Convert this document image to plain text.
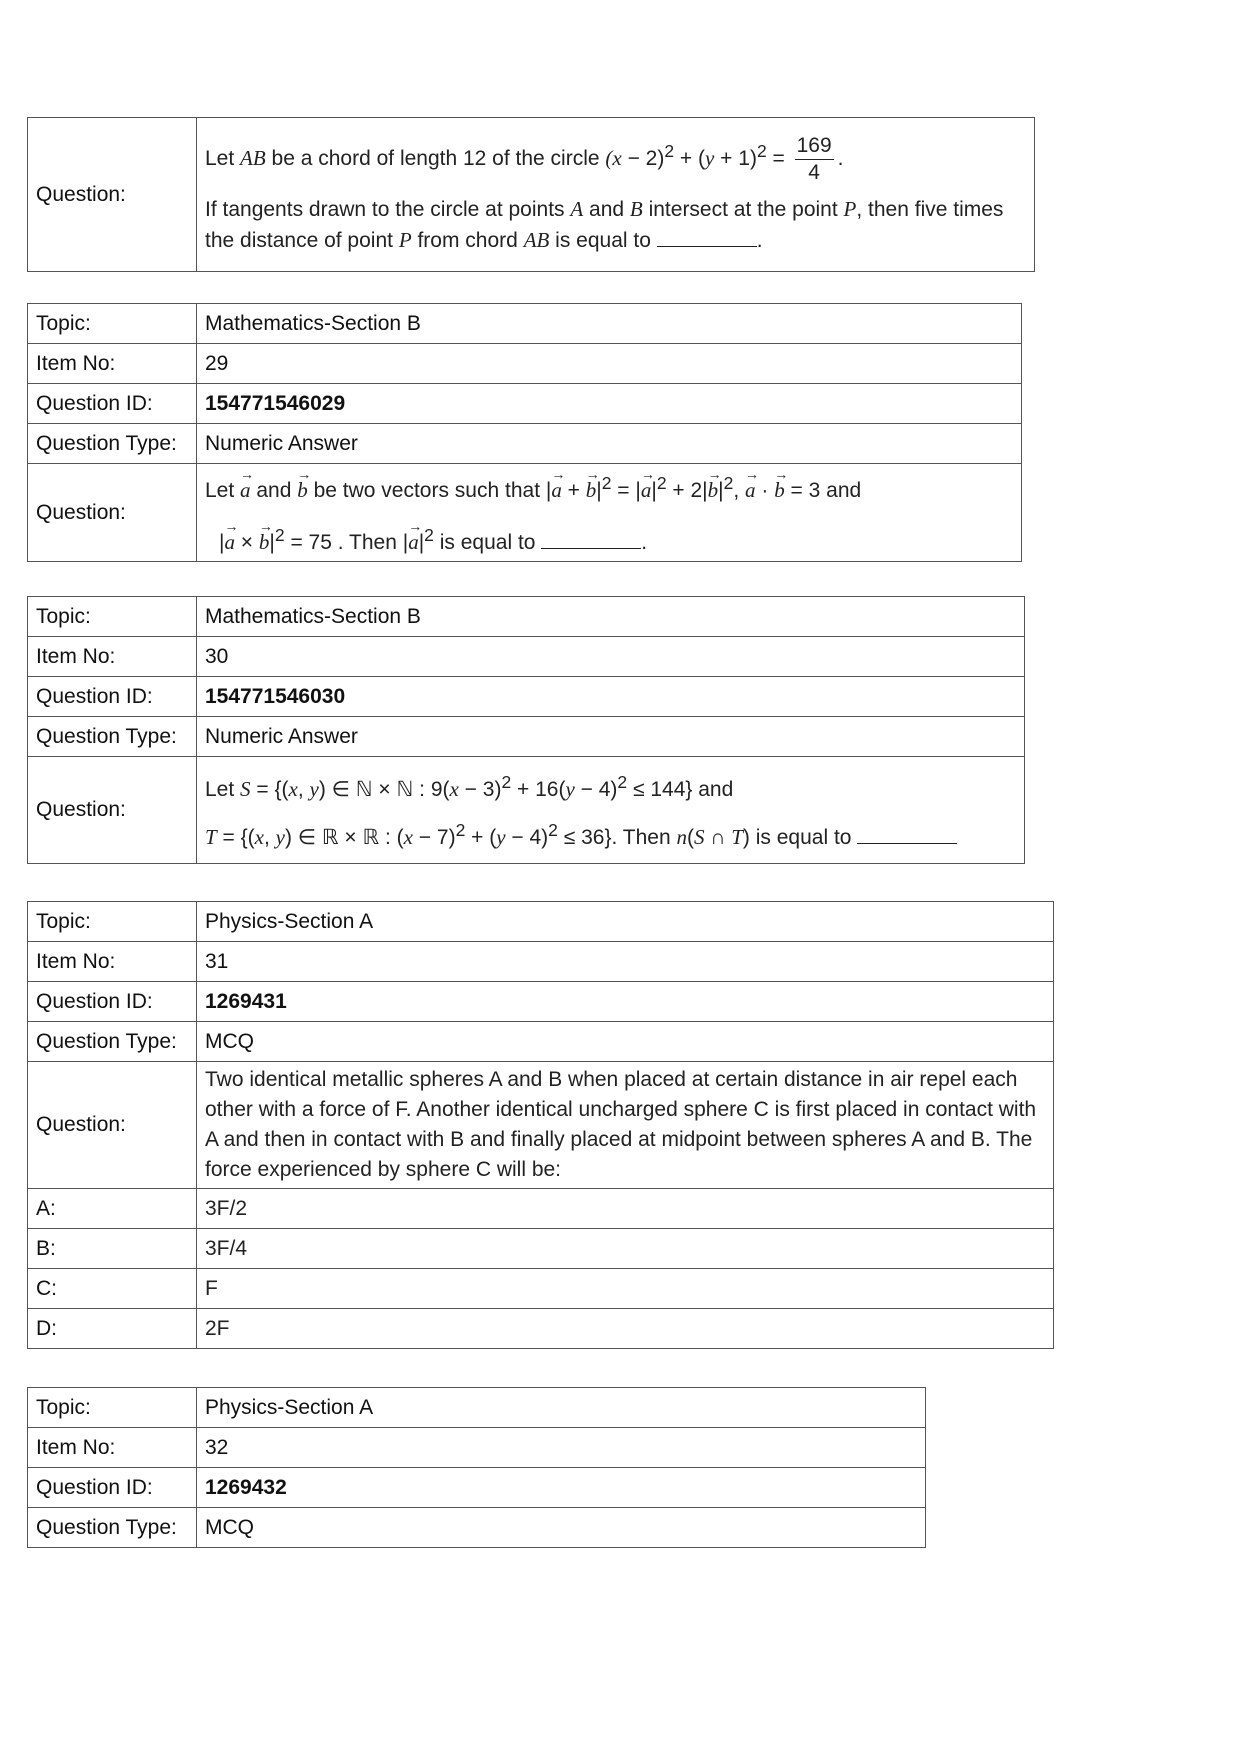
Question:	
Let AB be a chord of length 12 of the circle $(x - 2)^2 + (y + 1)^2 = \frac{169}{4}$ .
If tangents drawn to the circle at points A and B intersect at the point P, then five times the distance of point P from chord AB is equal to	.
Topic:	Mathematics-Section B
Item No:	29
Question ID:	154771546029
Question Type:	Numeric Answer
Question:	Let → a and → b be two vectors such that |→ a + → $b|^2$ = |→ $a|^2 + 2|\to b|^2$, → a · → b = 3 and
|→ a × → $b|^2 = 75$ . Then |→ $a|^2$ is equal to .
Topic:	Mathematics-Section B
Item No:	30
Question ID:	154771546030
Question Type:	Numeric Answer
Question:	Let S = {(x, y) ∈ ℕ × ℕ : $9(x - 3)^2 + 16(y - 4)^2 \le 144$} and
T = {(x, y) ∈ ℝ × ℝ : $(x - 7)^2 + (y - 4)^2 \le 36$}. Then n(S ∩ T) is equal to
Topic:	Physics-Section A
Item No:	31
Question ID:	1269431
Question Type:	MCQ
Question:	Two identical metallic spheres A and B when placed at certain distance in air repel each other with a force of F. Another identical uncharged sphere C is first placed in contact with A and then in contact with B and finally placed at midpoint between spheres A and B. The force experienced by sphere C will be:
A:	3F/2
B:	3F/4
C:	F
D:	2F
Topic:	Physics-Section A
Item No:	32
Question ID:	1269432
Question Type:	MCQ
